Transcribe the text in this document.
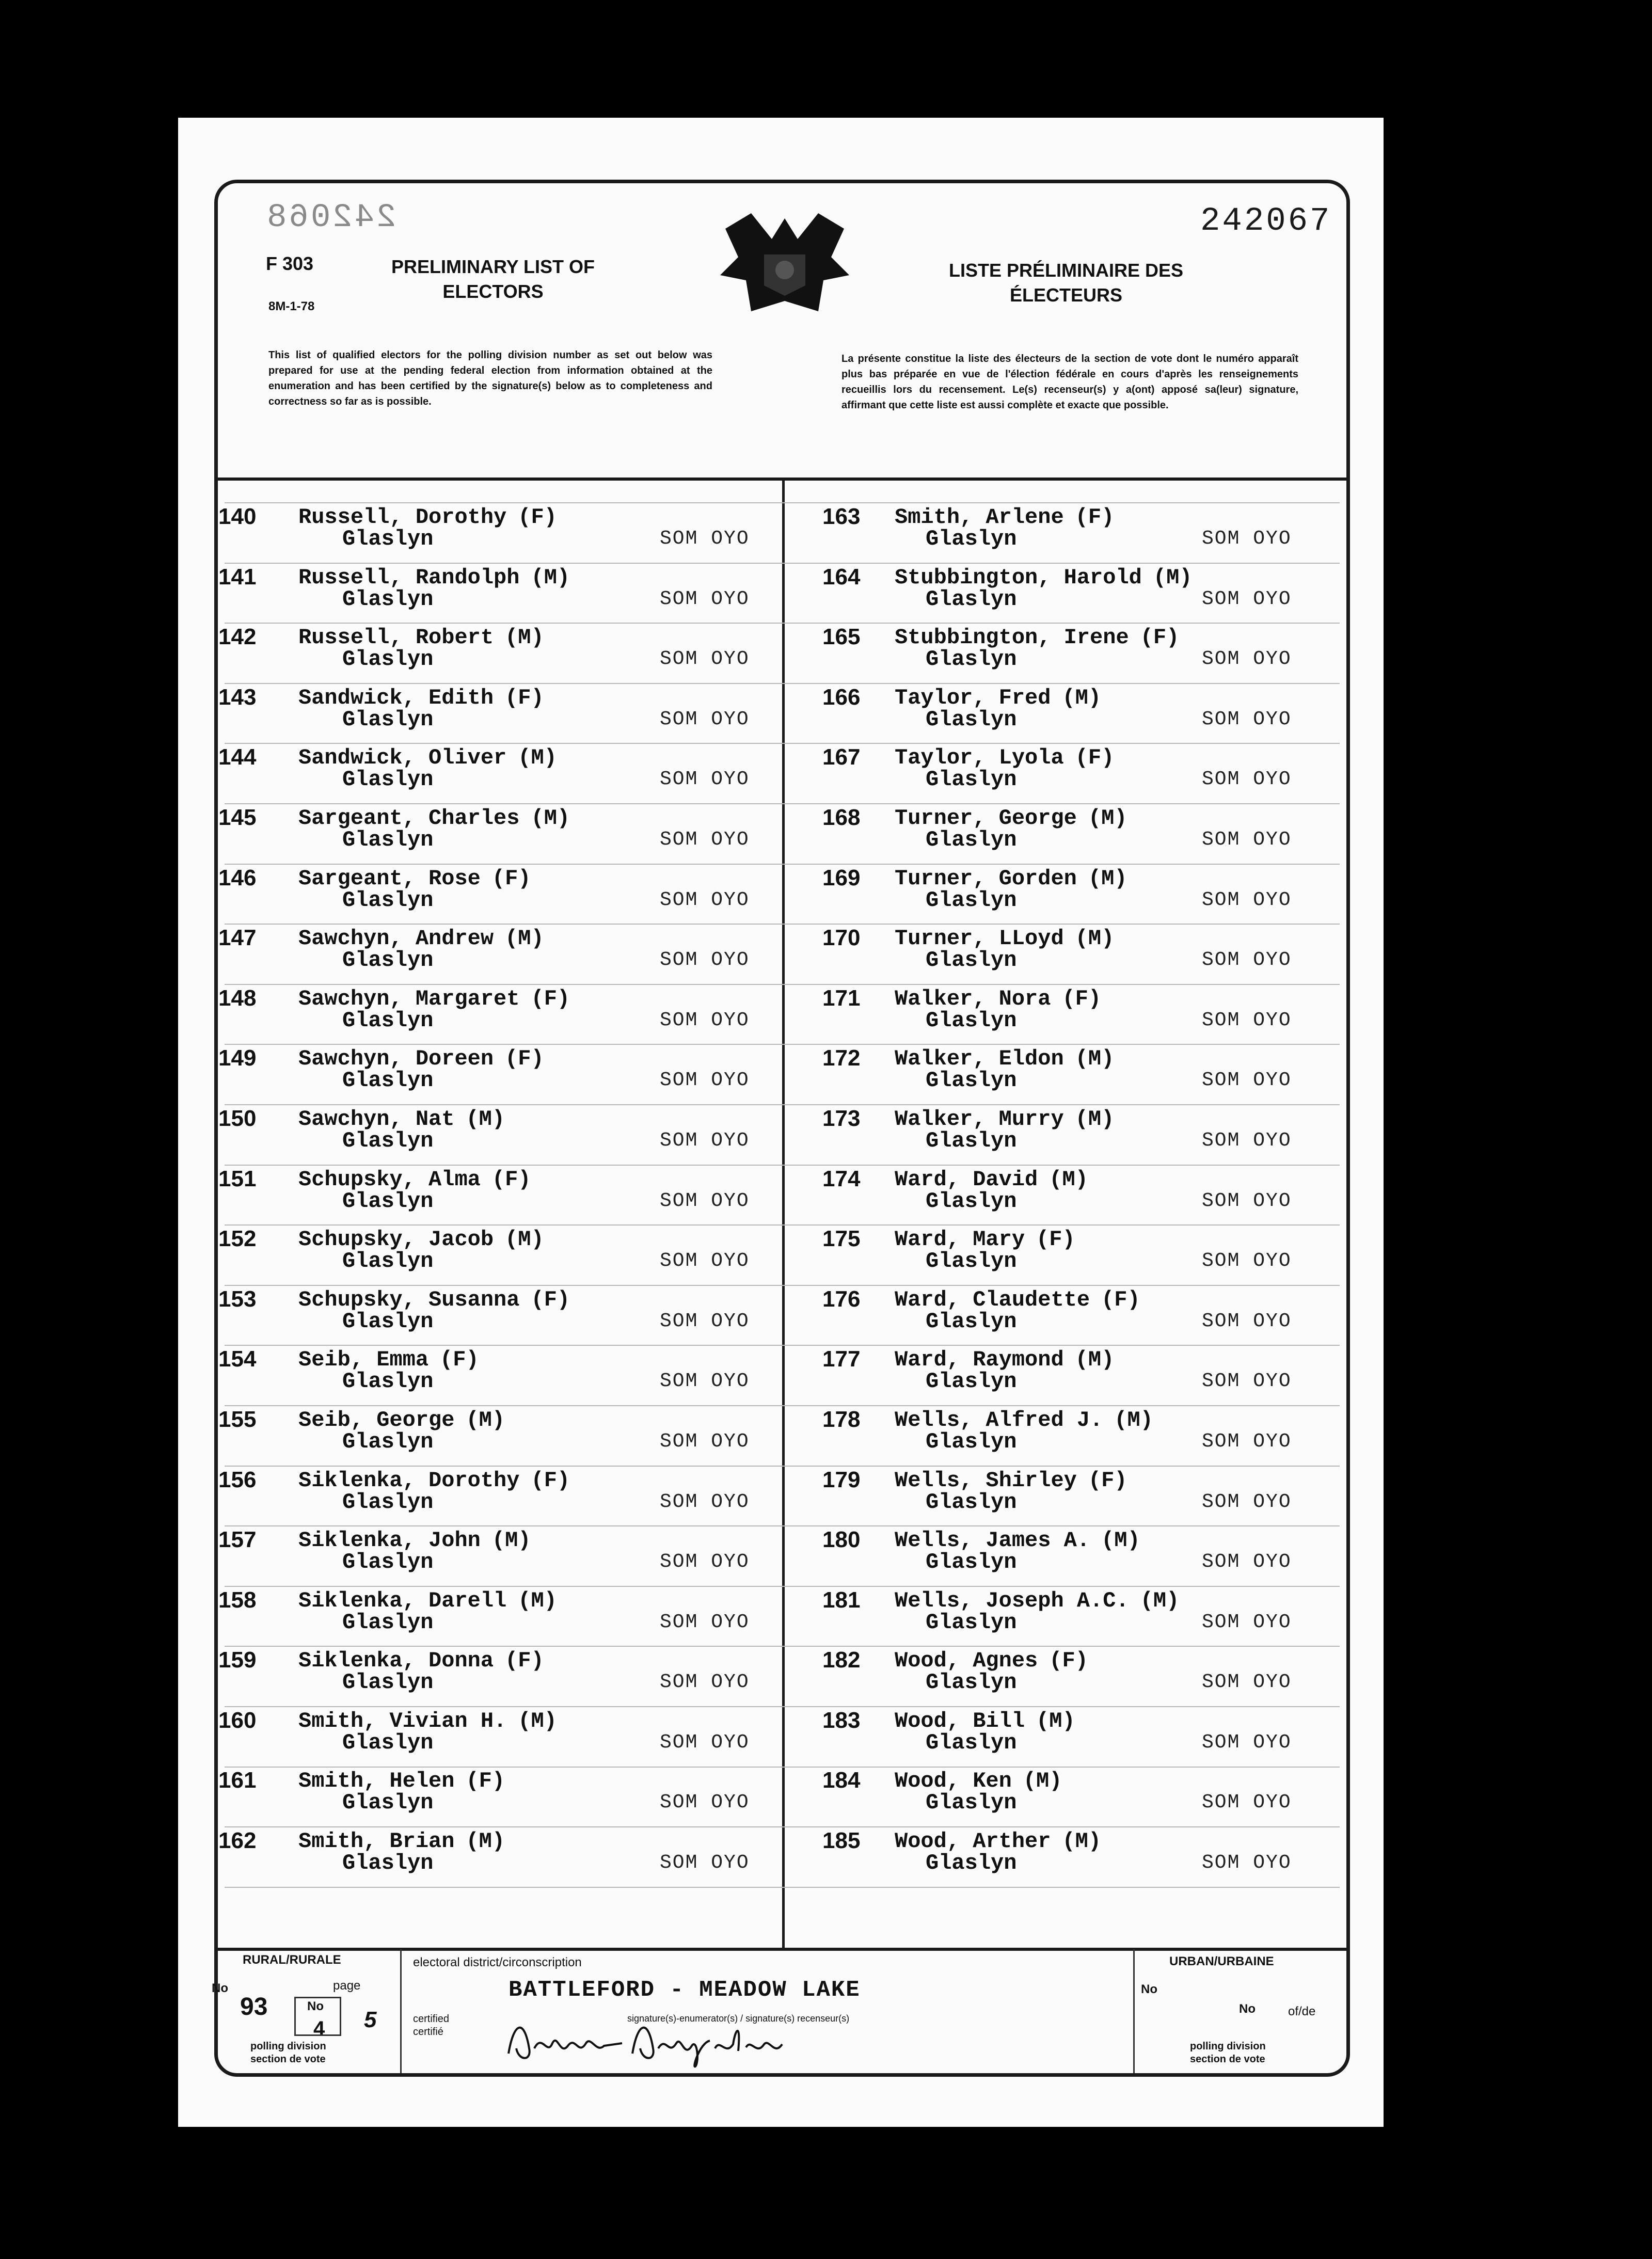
242068	242067
F 303
8M-1-78
PRELIMINARY LIST OF
ELECTORS
LISTE PRÉLIMINAIRE DES
ÉLECTEURS
This list of qualified electors for the polling division number as set out below was prepared for use at the pending federal election from information obtained at the enumeration and has been certified by the signature(s) below as to completeness and correctness so far as is possible.
La présente constitue la liste des électeurs de la section de vote dont le numéro apparaît plus bas préparée en vue de l'élection fédérale en cours d'après les renseignements recueillis lors du recensement. Le(s) recenseur(s) y a(ont) apposé sa(leur) signature, affirmant que cette liste est aussi complète et exacte que possible.
140 Russell, Dorothy (F)
Glaslyn	SOM OYO
141 Russell, Randolph (M)
Glaslyn	SOM OYO
142 Russell, Robert (M)
Glaslyn	SOM OYO
143 Sandwick, Edith (F)
Glaslyn	SOM OYO
144 Sandwick, Oliver (M)
Glaslyn	SOM OYO
145 Sargeant, Charles (M)
Glaslyn	SOM OYO
146 Sargeant, Rose (F)
Glaslyn	SOM OYO
147 Sawchyn, Andrew (M)
Glaslyn	SOM OYO
148 Sawchyn, Margaret (F)
Glaslyn	SOM OYO
149 Sawchyn, Doreen (F)
Glaslyn	SOM OYO
150 Sawchyn, Nat (M)
Glaslyn	SOM OYO
151 Schupsky, Alma (F)
Glaslyn	SOM OYO
152 Schupsky, Jacob (M)
Glaslyn	SOM OYO
153 Schupsky, Susanna (F)
Glaslyn	SOM OYO
154 Seib, Emma (F)
Glaslyn	SOM OYO
155 Seib, George (M)
Glaslyn	SOM OYO
156 Siklenka, Dorothy (F)
Glaslyn	SOM OYO
157 Siklenka, John (M)
Glaslyn	SOM OYO
158 Siklenka, Darell (M)
Glaslyn	SOM OYO
159 Siklenka, Donna (F)
Glaslyn	SOM OYO
160 Smith, Vivian H. (M)
Glaslyn	SOM OYO
161 Smith, Helen (F)
Glaslyn	SOM OYO
162 Smith, Brian (M)
Glaslyn	SOM OYO
163 Smith, Arlene (F)
Glaslyn	SOM OYO
164 Stubbington, Harold (M)
Glaslyn	SOM OYO
165 Stubbington, Irene (F)
Glaslyn	SOM OYO
166 Taylor, Fred (M)
Glaslyn	SOM OYO
167 Taylor, Lyola (F)
Glaslyn	SOM OYO
168 Turner, George (M)
Glaslyn	SOM OYO
169 Turner, Gorden (M)
Glaslyn	SOM OYO
170 Turner, LLoyd (M)
Glaslyn	SOM OYO
171 Walker, Nora (F)
Glaslyn	SOM OYO
172 Walker, Eldon (M)
Glaslyn	SOM OYO
173 Walker, Murry (M)
Glaslyn	SOM OYO
174 Ward, David (M)
Glaslyn	SOM OYO
175 Ward, Mary (F)
Glaslyn	SOM OYO
176 Ward, Claudette (F)
Glaslyn	SOM OYO
177 Ward, Raymond (M)
Glaslyn	SOM OYO
178 Wells, Alfred J. (M)
Glaslyn	SOM OYO
179 Wells, Shirley (F)
Glaslyn	SOM OYO
180 Wells, James A. (M)
Glaslyn	SOM OYO
181 Wells, Joseph A.C. (M)
Glaslyn	SOM OYO
182 Wood, Agnes (F)
Glaslyn	SOM OYO
183 Wood, Bill (M)
Glaslyn	SOM OYO
184 Wood, Ken (M)
Glaslyn	SOM OYO
185 Wood, Arther (M)
Glaslyn	SOM OYO
RURAL/RURALE	electoral district/circonscription	URBAN/URBAINE
No
93
page
No
4 5	certified
certifié
polling division
section de vote
BATTLEFORD - MEADOW LAKE
signature(s)-enumerator(s) / signature(s) recenseur(s)
No
No	of/de
polling division
section de vote
